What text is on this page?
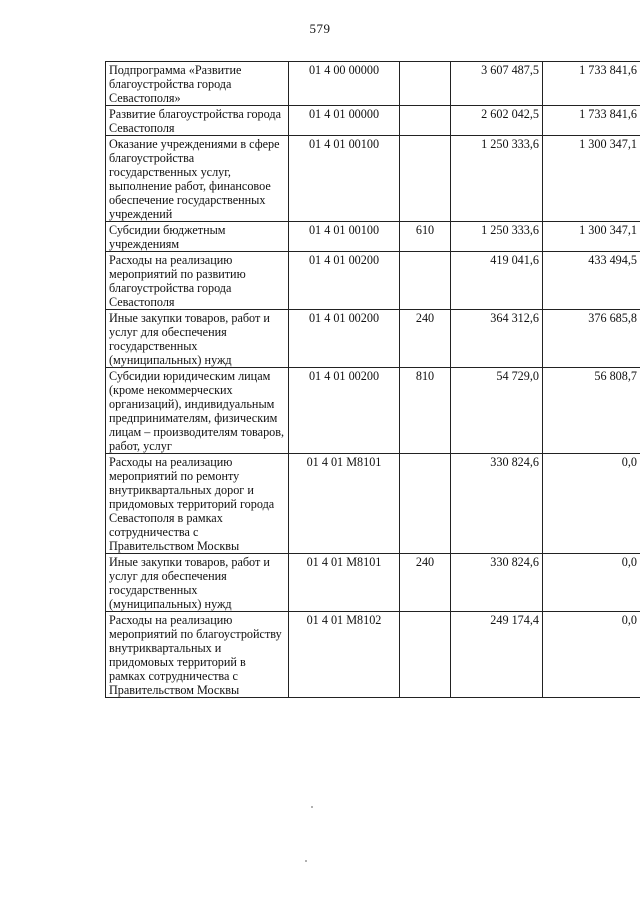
579
Подпрограмма «Развитие благоустройства города Севастополя»	01 4 00 00000		3 607 487,5	1 733 841,6
Развитие благоустройства города Севастополя	01 4 01 00000		2 602 042,5	1 733 841,6
Оказание учреждениями в сфере благоустройства государственных услуг, выполнение работ, финансовое обеспечение государственных учреждений	01 4 01 00100		1 250 333,6	1 300 347,1
Субсидии бюджетным учреждениям	01 4 01 00100	610	1 250 333,6	1 300 347,1
Расходы на реализацию мероприятий по развитию благоустройства города Севастополя	01 4 01 00200		419 041,6	433 494,5
Иные закупки товаров, работ и услуг для обеспечения государственных (муниципальных) нужд	01 4 01 00200	240	364 312,6	376 685,8
Субсидии юридическим лицам (кроме некоммерческих организаций), индивидуальным предпринимателям, физическим лицам – производителям товаров, работ, услуг	01 4 01 00200	810	54 729,0	56 808,7
Расходы на реализацию мероприятий по ремонту внутриквартальных дорог и придомовых территорий города Севастополя в рамках сотрудничества с Правительством Москвы	01 4 01 М8101		330 824,6	0,0
Иные закупки товаров, работ и услуг для обеспечения государственных (муниципальных) нужд	01 4 01 М8101	240	330 824,6	0,0
Расходы на реализацию мероприятий по благоустройству внутриквартальных и придомовых территорий в рамках сотрудничества с Правительством Москвы	01 4 01 М8102		249 174,4	0,0
